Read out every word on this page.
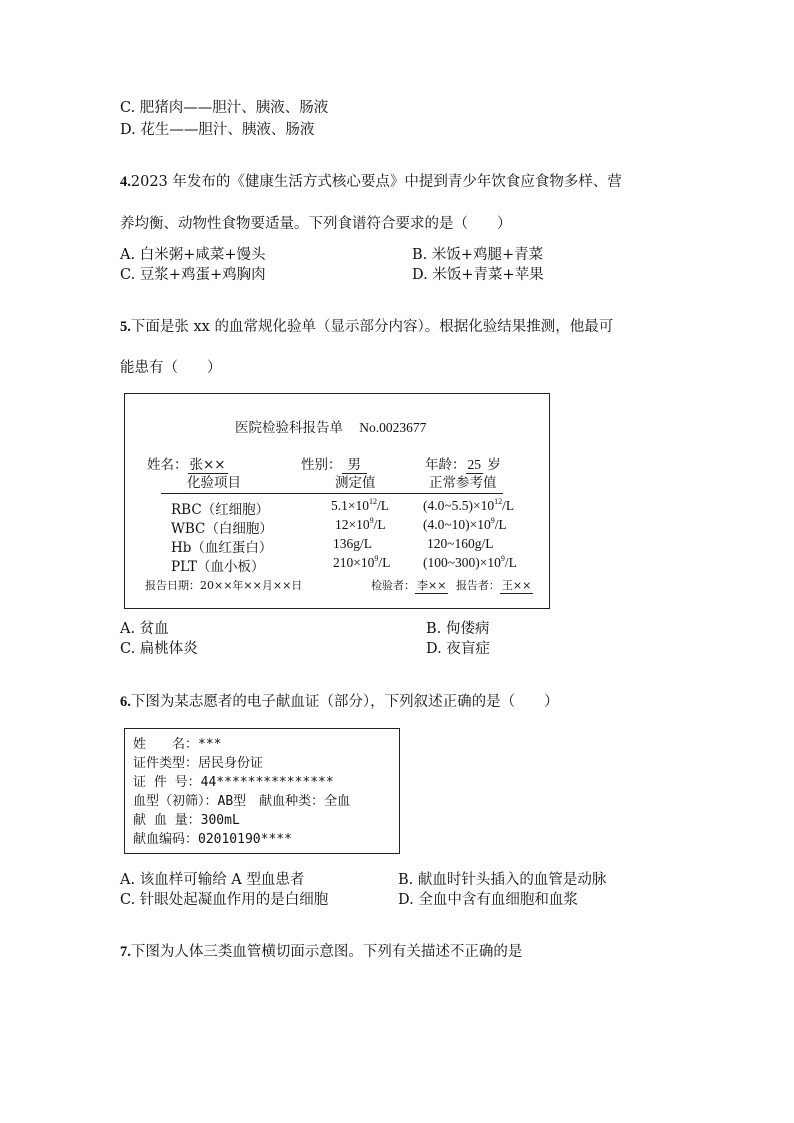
C. 肥猪肉——胆汁、胰液、肠液
D. 花生——胆汁、胰液、肠液
4.2023 年发布的《健康生活方式核心要点》中提到青少年饮食应食物多样、营
养均衡、动物性食物要适量。下列食谱符合要求的是（　　）
A. 白米粥+咸菜+馒头	B. 米饭+鸡腿+青菜
C. 豆浆+鸡蛋+鸡胸肉	D. 米饭+青菜+苹果
5.下面是张 xx 的血常规化验单（显示部分内容）。根据化验结果推测，他最可
能患有（　　）
医院检验科报告单 No.0023677
姓名： 张××	性别： 男	年龄： 25 岁
化验项目	测定值	正常参考值
RBC（红细胞）	$5.1\times 10^{12}/L$	$(4.0\sim 5.5)\times 10^{12}/L$
WBC（白细胞）	$12\times 10^9/L$	$(4.0\sim 10)\times 10^9/L$
Hb（血红蛋白）	136g/L	120~160g/L
PLT（血小板）	$210\times 10^9/L$ $(100\sim 300)\times 10^9/L$
报告日期：20××年××月××日	检验者： 李×× 报告者： 王××
A. 贫血	B. 佝偻病
C. 扁桃体炎	D. 夜盲症
6.下图为某志愿者的电子献血证（部分），下列叙述正确的是（　　）
姓　　名：***
证件类型：居民身份证
证 件 号：44***************
血型（初筛）：AB型　献血种类：全血
献 血 量：300mL
献血编码：02010190****
A. 该血样可输给 A 型血患者	B. 献血时针头插入的血管是动脉
C. 针眼处起凝血作用的是白细胞	D. 全血中含有血细胞和血浆
7.下图为人体三类血管横切面示意图。下列有关描述不正确的是
